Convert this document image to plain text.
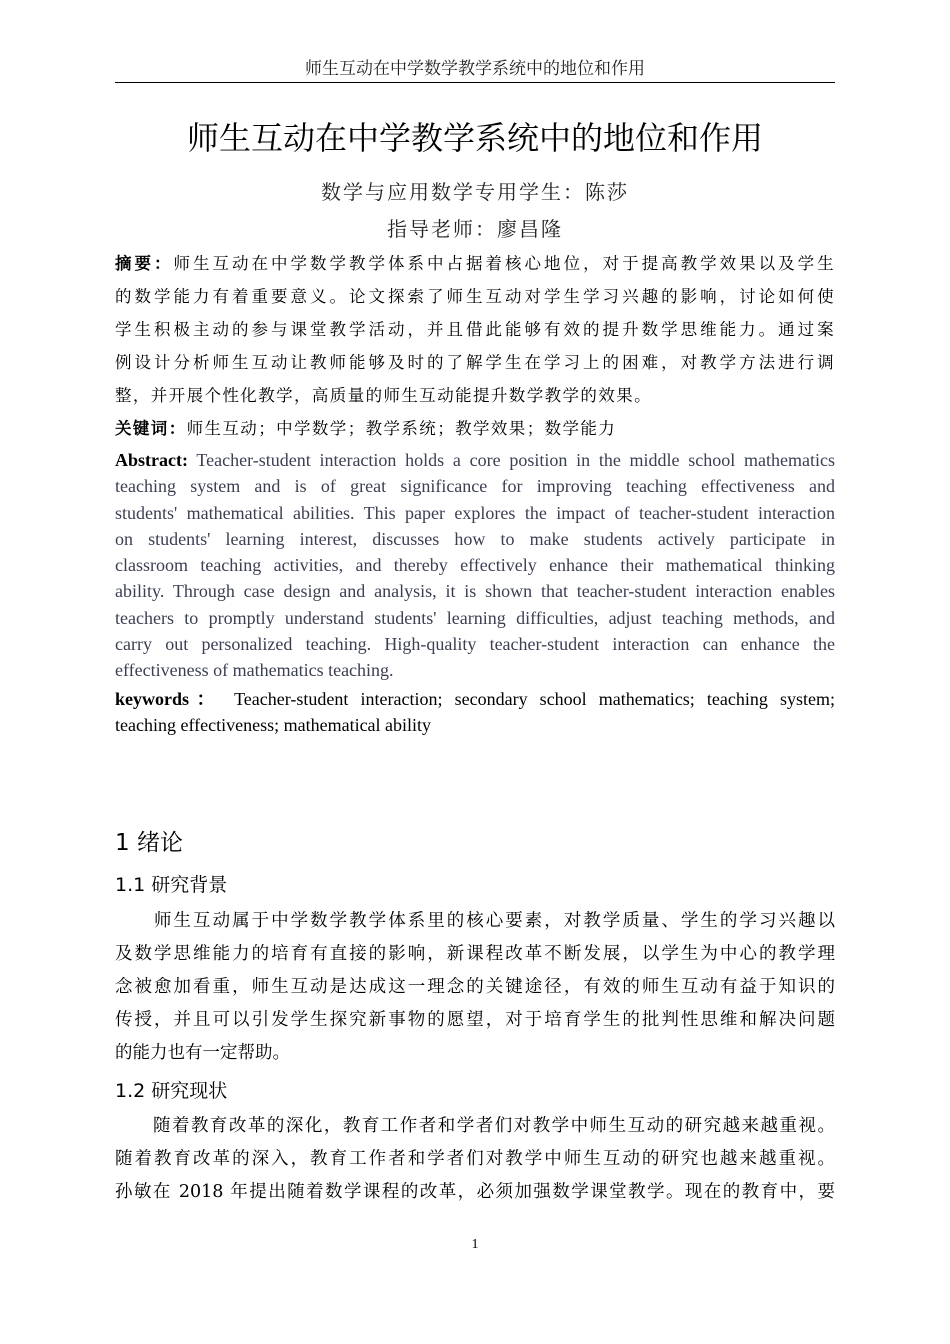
师生互动在中学数学教学系统中的地位和作用
师生互动在中学教学系统中的地位和作用
数学与应用数学专用学生：陈莎
指导老师：廖昌隆
摘要：师生互动在中学数学教学体系中占据着核心地位，对于提高教学效果以及学生
的数学能力有着重要意义。论文探索了师生互动对学生学习兴趣的影响，讨论如何使
学生积极主动的参与课堂教学活动，并且借此能够有效的提升数学思维能力。通过案
例设计分析师生互动让教师能够及时的了解学生在学习上的困难，对教学方法进行调
整，并开展个性化教学，高质量的师生互动能提升数学教学的效果。
关键词：师生互动；中学数学；教学系统；教学效果；数学能力
Abstract: Teacher-student interaction holds a core position in the middle school mathematics
teaching system and is of great significance for improving teaching effectiveness and
students' mathematical abilities. This paper explores the impact of teacher-student interaction
on students' learning interest, discusses how to make students actively participate in
classroom teaching activities, and thereby effectively enhance their mathematical thinking
ability. Through case design and analysis, it is shown that teacher-student interaction enables
teachers to promptly understand students' learning difficulties, adjust teaching methods, and
carry out personalized teaching. High-quality teacher-student interaction can enhance the
effectiveness of mathematics teaching.
keywords： Teacher-student interaction; secondary school mathematics; teaching system;
teaching effectiveness; mathematical ability
1 绪论
1.1 研究背景
　　师生互动属于中学数学教学体系里的核心要素，对教学质量、学生的学习兴趣以
及数学思维能力的培育有直接的影响，新课程改革不断发展，以学生为中心的教学理
念被愈加看重，师生互动是达成这一理念的关键途径，有效的师生互动有益于知识的
传授，并且可以引发学生探究新事物的愿望，对于培育学生的批判性思维和解决问题
的能力也有一定帮助。
1.2 研究现状
　　随着教育改革的深化，教育工作者和学者们对教学中师生互动的研究越来越重视。
随着教育改革的深入，教育工作者和学者们对教学中师生互动的研究也越来越重视。
孙敏在 2018 年提出随着数学课程的改革，必须加强数学课堂教学。现在的教育中，要
1
